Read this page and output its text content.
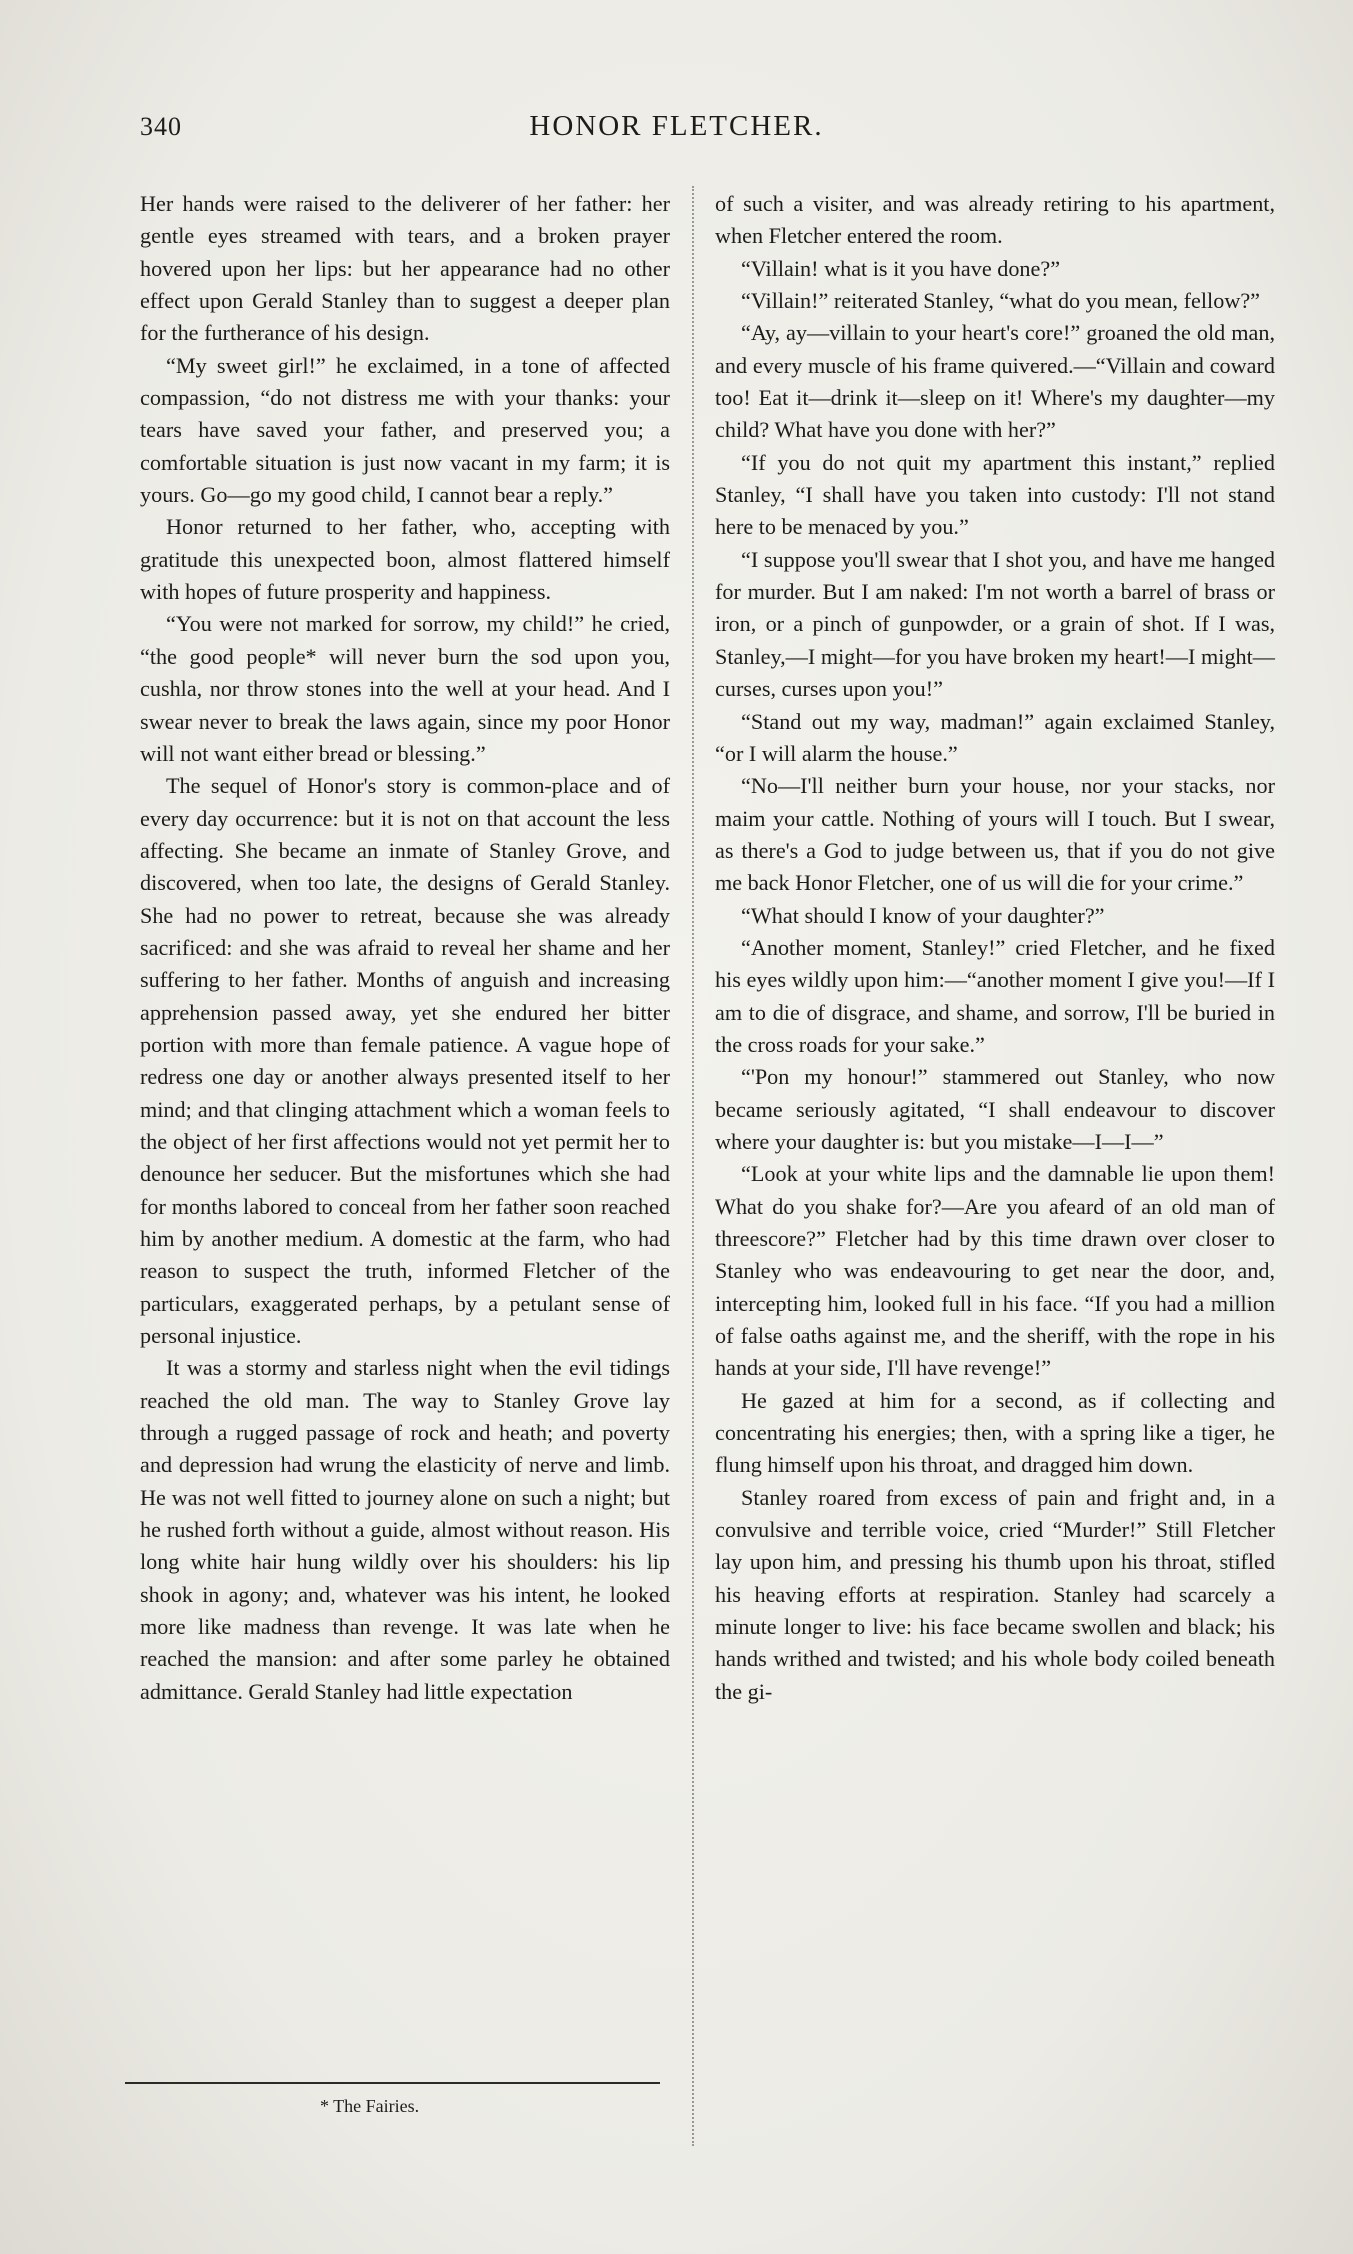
340	HONOR FLETCHER.

Her hands were raised to the deliverer of her father: her gentle eyes streamed with tears, and a broken prayer hovered upon her lips: but her appearance had no other effect upon Gerald Stanley than to suggest a deeper plan for the furtherance of his design.

“My sweet girl!” he exclaimed, in a tone of affected compassion, “do not distress me with your thanks: your tears have saved your father, and preserved you; a comfortable situation is just now vacant in my farm; it is yours. Go—go my good child, I cannot bear a reply.”

Honor returned to her father, who, accepting with gratitude this unexpected boon, almost flattered himself with hopes of future prosperity and happiness.

“You were not marked for sorrow, my child!” he cried, “the good people* will never burn the sod upon you, cushla, nor throw stones into the well at your head. And I swear never to break the laws again, since my poor Honor will not want either bread or blessing.”

The sequel of Honor's story is common-place and of every day occurrence: but it is not on that account the less affecting. She became an inmate of Stanley Grove, and discovered, when too late, the designs of Gerald Stanley. She had no power to retreat, because she was already sacrificed: and she was afraid to reveal her shame and her suffering to her father. Months of anguish and increasing apprehension passed away, yet she endured her bitter portion with more than female patience. A vague hope of redress one day or another always presented itself to her mind; and that clinging attachment which a woman feels to the object of her first affections would not yet permit her to denounce her seducer. But the misfortunes which she had for months labored to conceal from her father soon reached him by another medium. A domestic at the farm, who had reason to suspect the truth, informed Fletcher of the particulars, exaggerated perhaps, by a petulant sense of personal injustice.

It was a stormy and starless night when the evil tidings reached the old man. The way to Stanley Grove lay through a rugged passage of rock and heath; and poverty and depression had wrung the elasticity of nerve and limb. He was not well fitted to journey alone on such a night; but he rushed forth without a guide, almost without reason. His long white hair hung wildly over his shoulders: his lip shook in agony; and, whatever was his intent, he looked more like madness than revenge. It was late when he reached the mansion: and after some parley he obtained admittance. Gerald Stanley had little expectation

of such a visiter, and was already retiring to his apartment, when Fletcher entered the room.

“Villain! what is it you have done?”

“Villain!” reiterated Stanley, “what do you mean, fellow?”

“Ay, ay—villain to your heart's core!” groaned the old man, and every muscle of his frame quivered.—“Villain and coward too! Eat it—drink it—sleep on it! Where's my daughter—my child? What have you done with her?”

“If you do not quit my apartment this instant,” replied Stanley, “I shall have you taken into custody: I'll not stand here to be menaced by you.”

“I suppose you'll swear that I shot you, and have me hanged for murder. But I am naked: I'm not worth a barrel of brass or iron, or a pinch of gunpowder, or a grain of shot. If I was, Stanley,—I might—for you have broken my heart!—I might—curses, curses upon you!”

“Stand out my way, madman!” again exclaimed Stanley, “or I will alarm the house.”

“No—I'll neither burn your house, nor your stacks, nor maim your cattle. Nothing of yours will I touch. But I swear, as there's a God to judge between us, that if you do not give me back Honor Fletcher, one of us will die for your crime.”

“What should I know of your daughter?”

“Another moment, Stanley!” cried Fletcher, and he fixed his eyes wildly upon him:—“another moment I give you!—If I am to die of disgrace, and shame, and sorrow, I'll be buried in the cross roads for your sake.”

“'Pon my honour!” stammered out Stanley, who now became seriously agitated, “I shall endeavour to discover where your daughter is: but you mistake—I—I—”

“Look at your white lips and the damnable lie upon them! What do you shake for?—Are you afeard of an old man of threescore?” Fletcher had by this time drawn over closer to Stanley who was endeavouring to get near the door, and, intercepting him, looked full in his face. “If you had a million of false oaths against me, and the sheriff, with the rope in his hands at your side, I'll have revenge!”

He gazed at him for a second, as if collecting and concentrating his energies; then, with a spring like a tiger, he flung himself upon his throat, and dragged him down.

Stanley roared from excess of pain and fright and, in a convulsive and terrible voice, cried “Murder!” Still Fletcher lay upon him, and pressing his thumb upon his throat, stifled his heaving efforts at respiration. Stanley had scarcely a minute longer to live: his face became swollen and black; his hands writhed and twisted; and his whole body coiled beneath the gi-

* The Fairies.
